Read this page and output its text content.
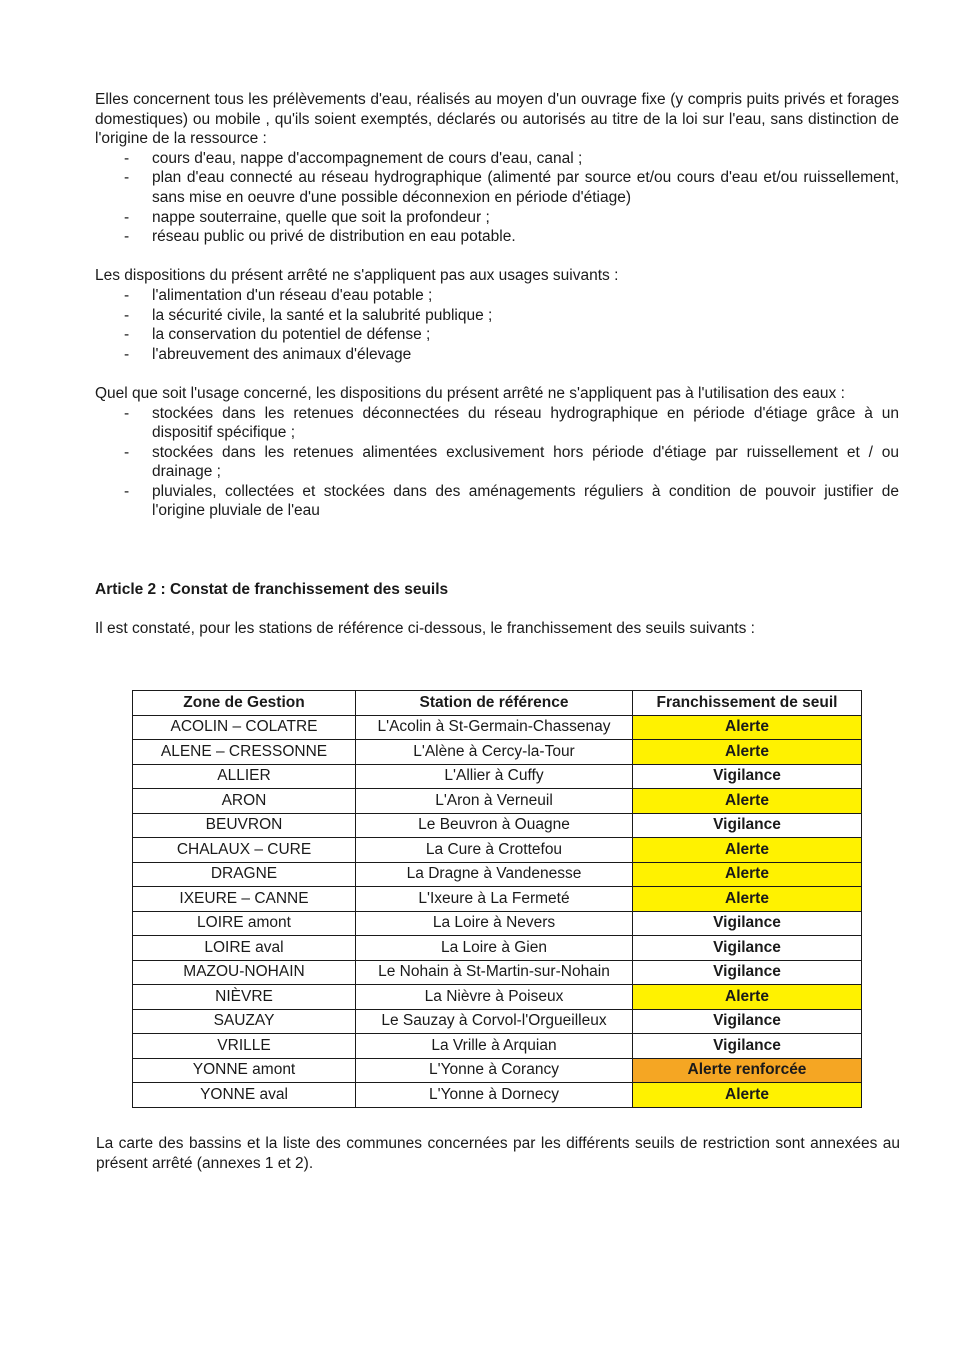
Elles concernent tous les prélèvements d'eau, réalisés au moyen d'un ouvrage fixe (y compris puits privés et forages domestiques) ou mobile , qu'ils soient exemptés, déclarés ou autorisés au titre de la loi sur l'eau, sans distinction de l'origine de la ressource :

- cours d'eau, nappe d'accompagnement de cours d'eau, canal ;
- plan d'eau connecté au réseau hydrographique (alimenté par source et/ou cours d'eau et/ou ruissellement, sans mise en oeuvre d'une possible déconnexion en période d'étiage)
- nappe souterraine, quelle que soit la profondeur ;
- réseau public ou privé de distribution en eau potable.

Les dispositions du présent arrêté ne s'appliquent pas aux usages suivants :

- l'alimentation d'un réseau d'eau potable ;
- la sécurité civile, la santé et la salubrité publique ;
- la conservation du potentiel de défense ;
- l'abreuvement des animaux d'élevage

Quel que soit l'usage concerné, les dispositions du présent arrêté ne s'appliquent pas à l'utilisation des eaux :

- stockées dans les retenues déconnectées du réseau hydrographique en période d'étiage grâce à un dispositif spécifique ;
- stockées dans les retenues alimentées exclusivement hors période d'étiage par ruissellement et / ou drainage ;
- pluviales, collectées et stockées dans des aménagements réguliers à condition de pouvoir justifier de l'origine pluviale de l'eau

Article 2 : Constat de franchissement des seuils

Il est constaté, pour les stations de référence ci-dessous, le franchissement des seuils suivants :

Zone de Gestion	Station de référence	Franchissement de seuil
ACOLIN – COLATRE	L'Acolin à St-Germain-Chassenay	Alerte
ALENE – CRESSONNE	L'Alène à Cercy-la-Tour	Alerte
ALLIER	L'Allier à Cuffy	Vigilance
ARON	L'Aron à Verneuil	Alerte
BEUVRON	Le Beuvron à Ouagne	Vigilance
CHALAUX – CURE	La Cure à Crottefou	Alerte
DRAGNE	La Dragne à Vandenesse	Alerte
IXEURE – CANNE	L'Ixeure à La Fermeté	Alerte
LOIRE amont	La Loire à Nevers	Vigilance
LOIRE aval	La Loire à Gien	Vigilance
MAZOU-NOHAIN	Le Nohain à St-Martin-sur-Nohain	Vigilance
NIÈVRE	La Nièvre à Poiseux	Alerte
SAUZAY	Le Sauzay à Corvol-l'Orgueilleux	Vigilance
VRILLE	La Vrille à Arquian	Vigilance
YONNE amont	L'Yonne à Corancy	Alerte renforcée
YONNE aval	L'Yonne à Dornecy	Alerte

La carte des bassins et la liste des communes concernées par les différents seuils de restriction sont annexées au présent arrêté (annexes 1 et 2).
